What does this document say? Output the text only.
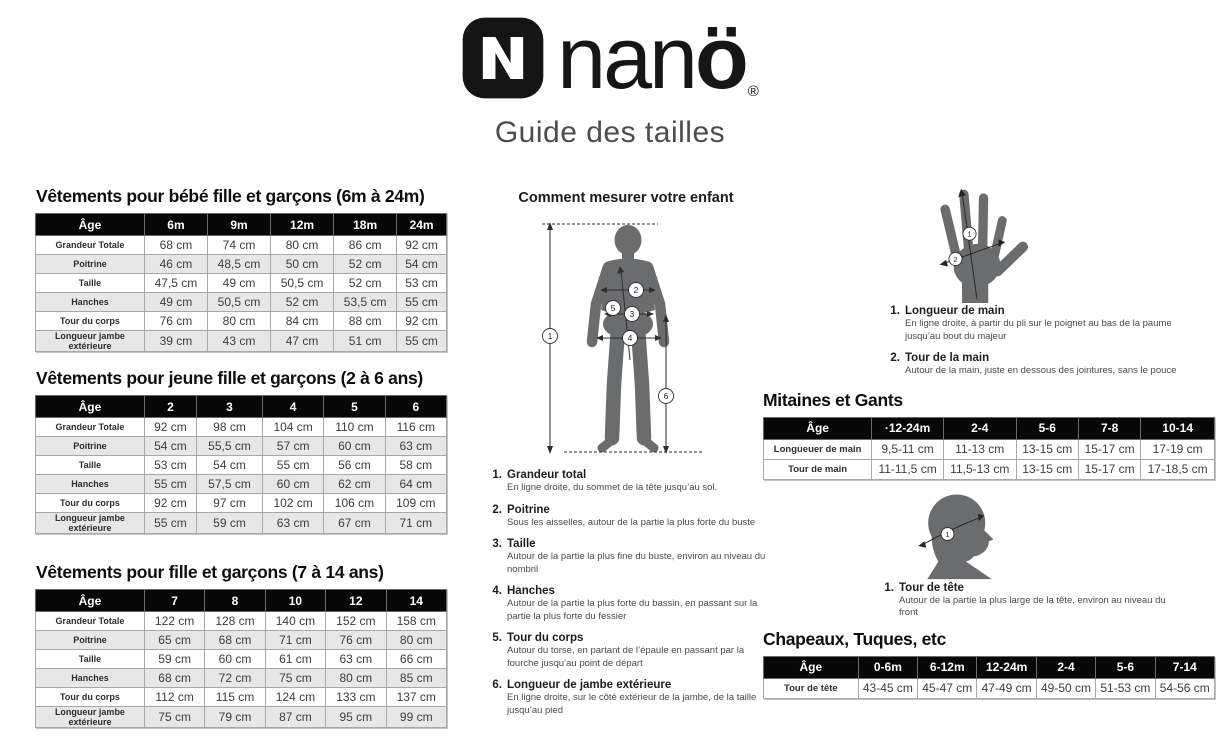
nanö ®
Guide des tailles
Vêtements pour bébé fille et garçons (6m à 24m)
Âge	6m	9m	12m	18m	24m
Grandeur Totale	68 cm	74 cm	80 cm	86 cm	92 cm
Poitrine	46 cm	48,5 cm	50 cm	52 cm	54 cm
Taille	47,5 cm	49 cm	50,5 cm	52 cm	53 cm
Hanches	49 cm	50,5 cm	52 cm	53,5 cm	55 cm
Tour du corps	76 cm	80 cm	84 cm	88 cm	92 cm
Longueur jambe extérieure	39 cm	43 cm	47 cm	51 cm	55 cm
Vêtements pour jeune fille et garçons (2 à 6 ans)
Âge	2	3	4	5	6
Grandeur Totale	92 cm	98 cm	104 cm	110 cm	116 cm
Poitrine	54 cm	55,5 cm	57 cm	60 cm	63 cm
Taille	53 cm	54 cm	55 cm	56 cm	58 cm
Hanches	55 cm	57,5 cm	60 cm	62 cm	64 cm
Tour du corps	92 cm	97 cm	102 cm	106 cm	109 cm
Longueur jambe extérieure	55 cm	59 cm	63 cm	67 cm	71 cm
Vêtements pour fille et garçons (7 à 14 ans)
Âge	7	8	10	12	14
Grandeur Totale	122 cm	128 cm	140 cm	152 cm	158 cm
Poitrine	65 cm	68 cm	71 cm	76 cm	80 cm
Taille	59 cm	60 cm	61 cm	63 cm	66 cm
Hanches	68 cm	72 cm	75 cm	80 cm	85 cm
Tour du corps	112 cm	115 cm	124 cm	133 cm	137 cm
Longueur jambe extérieure	75 cm	79 cm	87 cm	95 cm	99 cm
Comment mesurer votre enfant
1
2
3
4
5
6
1. Grandeur total
En ligne droite, du sommet de la tête jusqu’au sol.
2. Poitrine
Sous les aisselles, autour de la partie la plus forte du buste
3. Taille
Autour de la partie la plus fine du buste, environ au niveau du nombril
4. Hanches
Autour de la partie la plus forte du bassin, en passant sur la partie la plus forte du fessier
5. Tour du corps
Autour du torse, en partant de l’épaule en passant par la fourche jusqu’au point de départ
6. Longueur de jambe extérieure
En ligne droite, sur le côté extérieur de la jambe, de la taille jusqu’au pied
1
2
1. Longueur de main
En ligne droite, à partir du pli sur le poignet au bas de la paume jusqu’au bout du majeur
2. Tour de la main
Autour de la main, juste en dessous des jointures, sans le pouce
Mitaines et Gants
Âge	·12-24m	2-4	5-6	7-8	10-14
Longueuer de main	9,5-11 cm	11-13 cm	13-15 cm	15-17 cm	17-19 cm
Tour de main	11-11,5 cm	11,5-13 cm	13-15 cm	15-17 cm	17-18,5 cm
1
1. Tour de tête
Autour de la partie la plus large de la tête, environ au niveau du front
Chapeaux, Tuques, etc
Âge	0-6m	6-12m	12-24m	2-4	5-6	7-14
Tour de tête	43-45 cm	45-47 cm	47-49 cm	49-50 cm	51-53 cm	54-56 cm
